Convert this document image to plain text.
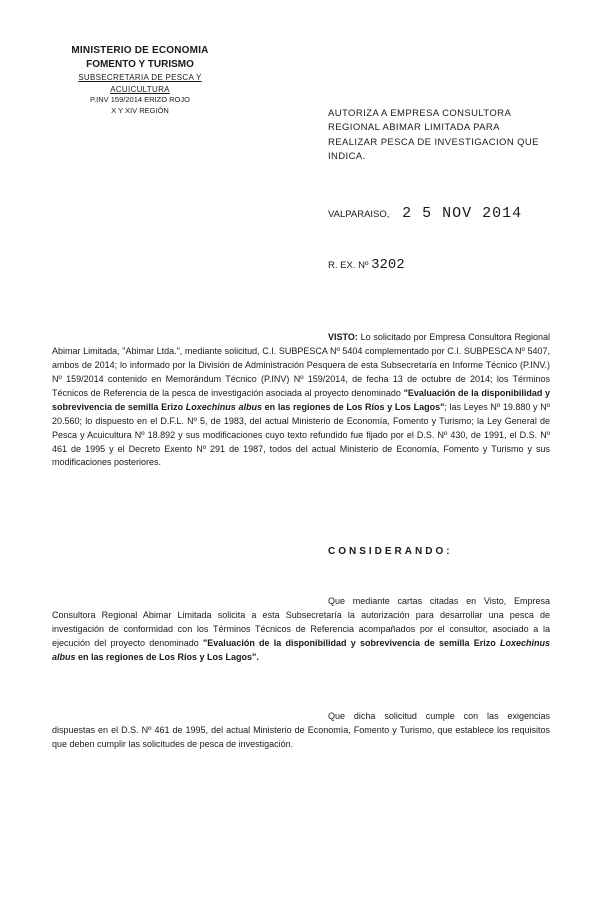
MINISTERIO DE ECONOMIA
FOMENTO Y TURISMO
SUBSECRETARIA DE PESCA Y ACUICULTURA
P.INV 159/2014 ERIZO ROJO
X Y XIV REGIÓN	AUTORIZA A EMPRESA CONSULTORA REGIONAL ABIMAR LIMITADA PARA REALIZAR PESCA DE INVESTIGACION QUE INDICA.
VALPARAISO, 2 5 NOV 2014
R. EX. Nº 3202

VISTO: Lo solicitado por Empresa Consultora Regional Abimar Limitada, "Abimar Ltda.", mediante solicitud, C.I. SUBPESCA Nº 5404 complementado por C.I. SUBPESCA Nº 5407, ambos de 2014; lo informado por la División de Administración Pesquera de esta Subsecretaría en Informe Técnico (P.INV.) Nº 159/2014 contenido en Memorándum Técnico (P.INV) Nº 159/2014, de fecha 13 de octubre de 2014; los Términos Técnicos de Referencia de la pesca de investigación asociada al proyecto denominado "Evaluación de la disponibilidad y sobrevivencia de semilla Erizo Loxechinus albus en las regiones de Los Ríos y Los Lagos"; las Leyes Nº 19.880 y Nº 20.560; lo dispuesto en el D.F.L. Nº 5, de 1983, del actual Ministerio de Economía, Fomento y Turismo; la Ley General de Pesca y Acuicultura Nº 18.892 y sus modificaciones cuyo texto refundido fue fijado por el D.S. Nº 430, de 1991, el D.S. Nº 461 de 1995 y el Decreto Exento Nº 291 de 1987, todos del actual Ministerio de Economía, Fomento y Turismo y sus modificaciones posteriores.

CONSIDERANDO:

Que mediante cartas citadas en Visto, Empresa Consultora Regional Abimar Limitada solicita a esta Subsecretaría la autorización para desarrollar una pesca de investigación de conformidad con los Términos Técnicos de Referencia acompañados por el consultor, asociado a la ejecución del proyecto denominado "Evaluación de la disponibilidad y sobrevivencia de semilla Erizo Loxechinus albus en las regiones de Los Ríos y Los Lagos".

Que dicha solicitud cumple con las exigencias dispuestas en el D.S. Nº 461 de 1995, del actual Ministerio de Economía, Fomento y Turismo, que establece los requisitos que deben cumplir las solicitudes de pesca de investigación.
